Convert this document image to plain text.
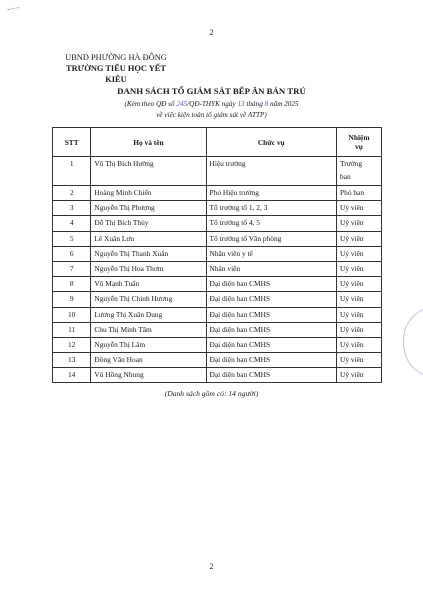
2
UBND PHƯỜNG HÀ ĐÔNG
TRƯỜNG TIỂU HỌC YẾT KIÊU
DANH SÁCH TỔ GIÁM SÁT BẾP ĂN BÁN TRÚ
(Kèm theo QĐ số 245/QĐ-THYK ngày 13 tháng 8 năm 2025
về việc kiện toàn tổ giám sát về ATTP)
STT	Họ và tên	Chức vụ	Nhiệm
vụ
1	Vũ Thị Bích Hường	Hiệu trưởng	Trưởng
ban
2	Hoàng Minh Chiến	Phó Hiệu trưởng	Phó ban
3	Nguyễn Thị Phượng	Tổ trưởng tổ 1, 2, 3	Uỷ viên
4	Đỗ Thị Bích Thủy	Tổ trưởng tổ 4, 5	Uỷ viên
5	Lê Xuân Lưu	Tổ trưởng tổ Văn phòng	Uỷ viên
6	Nguyễn Thị Thanh Xuân	Nhân viên y tế	Uỷ viên
7	Nguyễn Thị Hoa Thơm	Nhân viên	Uỷ viên
8	Vũ Mạnh Tuấn	Đại diện ban CMHS	Uỷ viên
9	Nguyễn Thị Chinh Hương	Đại diện ban CMHS	Uỷ viên
10	Lương Thị Xuân Dung	Đại diện ban CMHS	Uỷ viên
11	Chu Thị Minh Tâm	Đại diện ban CMHS	Uỷ viên
12	Nguyễn Thị Lâm	Đại diện ban CMHS	Uỷ viên
13	Đồng Văn Hoan	Đại diện ban CMHS	Uỷ viên
14	Vũ Hồng Nhung	Đại diện ban CMHS	Uỷ viên
(Danh sách gồm có: 14 người)
2
